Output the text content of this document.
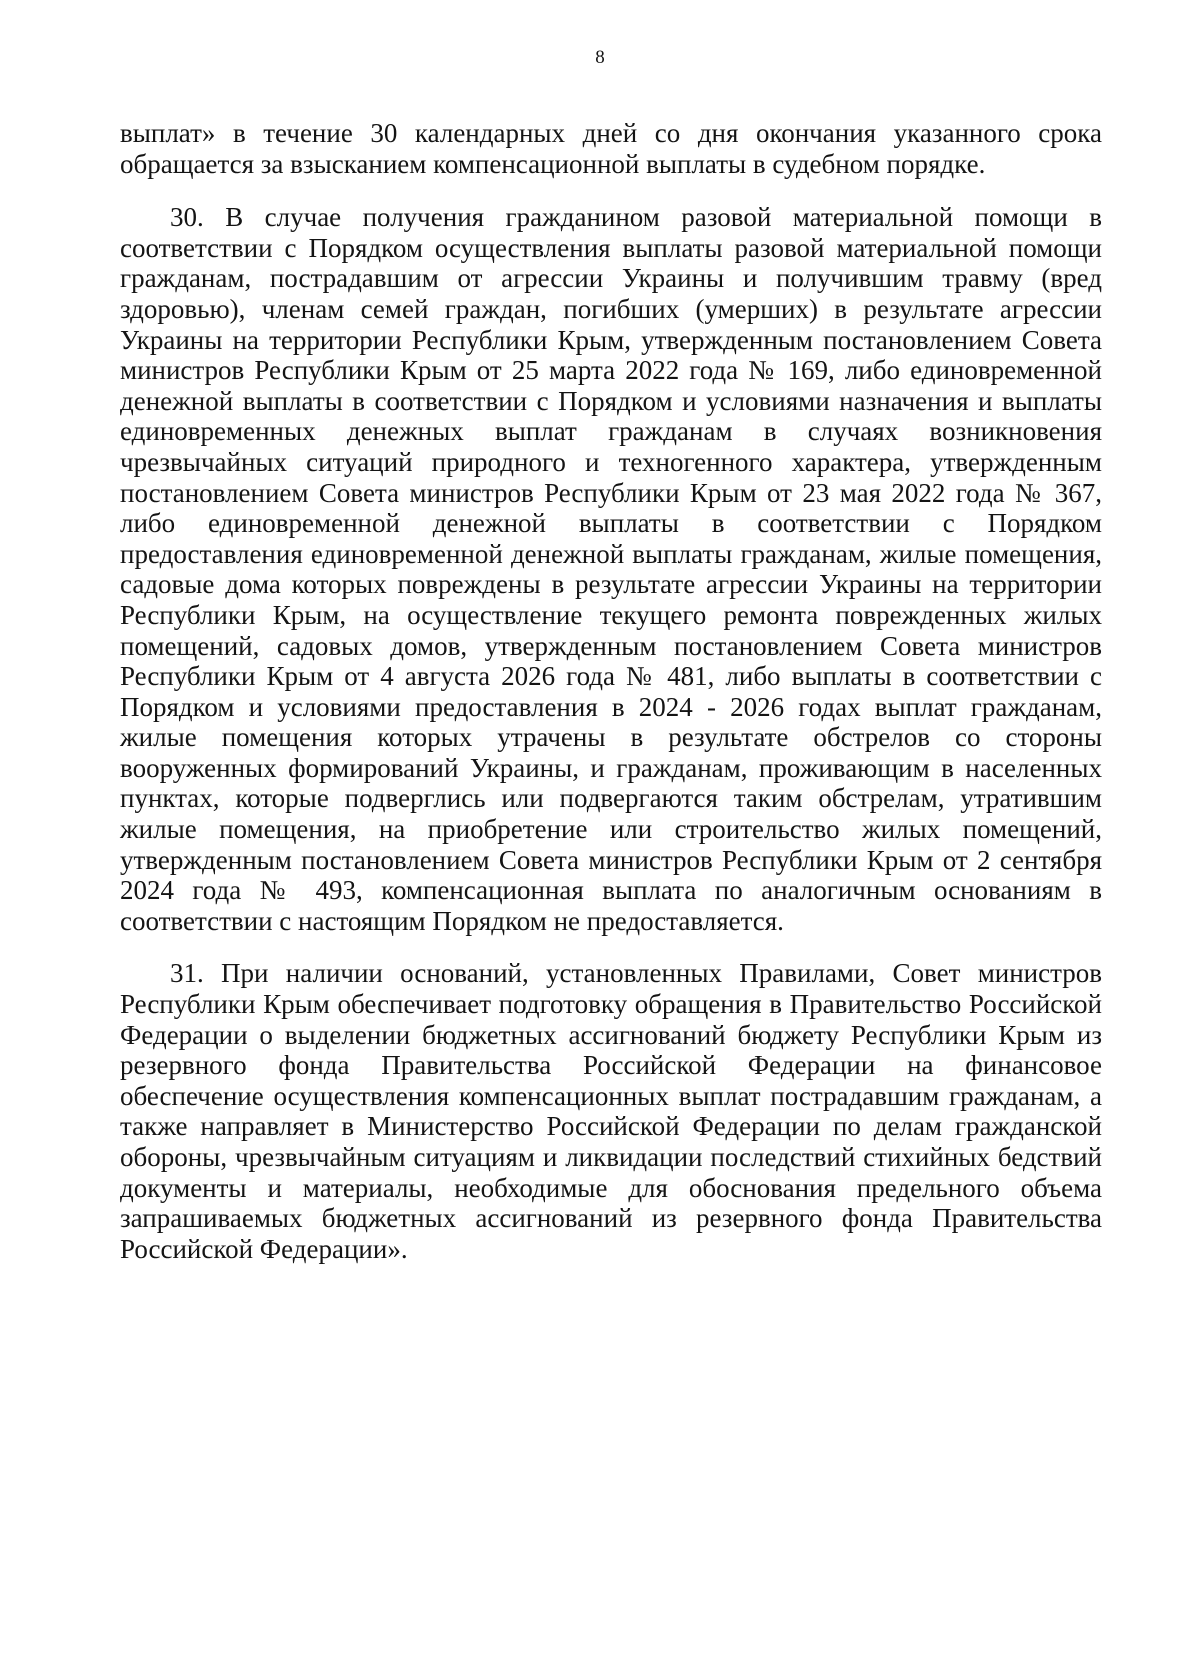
8

выплат» в течение 30 календарных дней со дня окончания указанного срока обращается за взысканием компенсационной выплаты в судебном порядке.

30. В случае получения гражданином разовой материальной помощи в соответствии с Порядком осуществления выплаты разовой материальной помощи гражданам, пострадавшим от агрессии Украины и получившим травму (вред здоровью), членам семей граждан, погибших (умерших) в результате агрессии Украины на территории Республики Крым, утвержденным постановлением Совета министров Республики Крым от 25 марта 2022 года № 169, либо единовременной денежной выплаты в соответствии с Порядком и условиями назначения и выплаты единовременных денежных выплат гражданам в случаях возникновения чрезвычайных ситуаций природного и техногенного характера, утвержденным постановлением Совета министров Республики Крым от 23 мая 2022 года № 367, либо единовременной денежной выплаты в соответствии с Порядком предоставления единовременной денежной выплаты гражданам, жилые помещения, садовые дома которых повреждены в результате агрессии Украины на территории Республики Крым, на осуществление текущего ремонта поврежденных жилых помещений, садовых домов, утвержденным постановлением Совета министров Республики Крым от 4 августа 2026 года № 481, либо выплаты в соответствии с Порядком и условиями предоставления в 2024 - 2026 годах выплат гражданам, жилые помещения которых утрачены в результате обстрелов со стороны вооруженных формирований Украины, и гражданам, проживающим в населенных пунктах, которые подверглись или подвергаются таким обстрелам, утратившим жилые помещения, на приобретение или строительство жилых помещений, утвержденным постановлением Совета министров Республики Крым от 2 сентября 2024 года № 493, компенсационная выплата по аналогичным основаниям в соответствии с настоящим Порядком не предоставляется.

31. При наличии оснований, установленных Правилами, Совет министров Республики Крым обеспечивает подготовку обращения в Правительство Российской Федерации о выделении бюджетных ассигнований бюджету Республики Крым из резервного фонда Правительства Российской Федерации на финансовое обеспечение осуществления компенсационных выплат пострадавшим гражданам, а также направляет в Министерство Российской Федерации по делам гражданской обороны, чрезвычайным ситуациям и ликвидации последствий стихийных бедствий документы и материалы, необходимые для обоснования предельного объема запрашиваемых бюджетных ассигнований из резервного фонда Правительства Российской Федерации».
